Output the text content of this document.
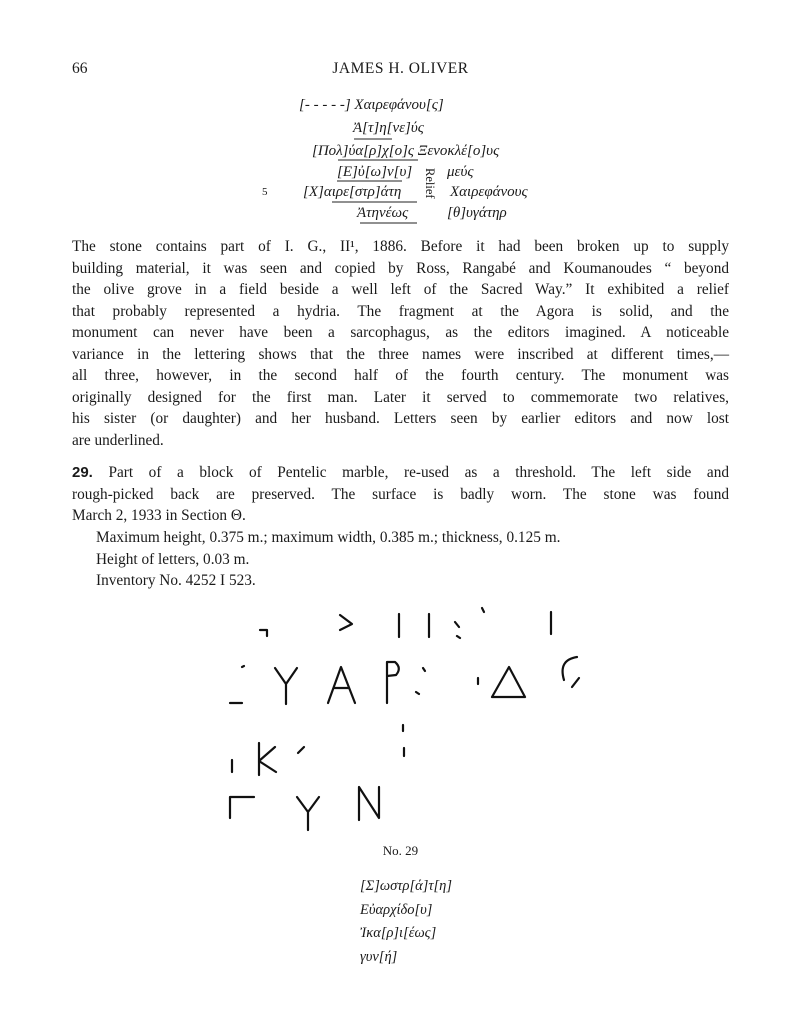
66	JAMES H. OLIVER
[- - - - -] Χαιρεφάνου[ς]
Ἀ[τ]η[νε]ύς
[Πολ]ύα[ρ]χ[ο]ς Ξενοκλέ[ο]υς
[Ε]ὐ[ω]ν[υ]
[Χ]αιρε[στρ]άτη
Ἀτηνέως
μεύς
Χαιρεφάνους
[θ]υγάτηρ
5	Relief
The stone contains part of I. G., II¹, 1886. Before it had been broken up to supply
building material, it was seen and copied by Ross, Rangabé and Koumanoudes “ beyond
the olive grove in a field beside a well left of the Sacred Way.” It exhibited a relief
that probably represented a hydria. The fragment at the Agora is solid, and the
monument can never have been a sarcophagus, as the editors imagined. A noticeable
variance in the lettering shows that the three names were inscribed at different times,—
all three, however, in the second half of the fourth century. The monument was
originally designed for the first man. Later it served to commemorate two relatives,
his sister (or daughter) and her husband. Letters seen by earlier editors and now lost
are underlined.
29. Part of a block of Pentelic marble, re-used as a threshold. The left side and
rough-picked back are preserved. The surface is badly worn. The stone was found
March 2, 1933 in Section Θ.
Maximum height, 0.375 m.; maximum width, 0.385 m.; thickness, 0.125 m.
Height of letters, 0.03 m.
Inventory No. 4252 I 523.
No. 29
[Σ]ωστρ[ά]τ[η]
Εὐαρχίδο[υ]
Ἰκα[ρ]ι[έως]
γυν[ή]
